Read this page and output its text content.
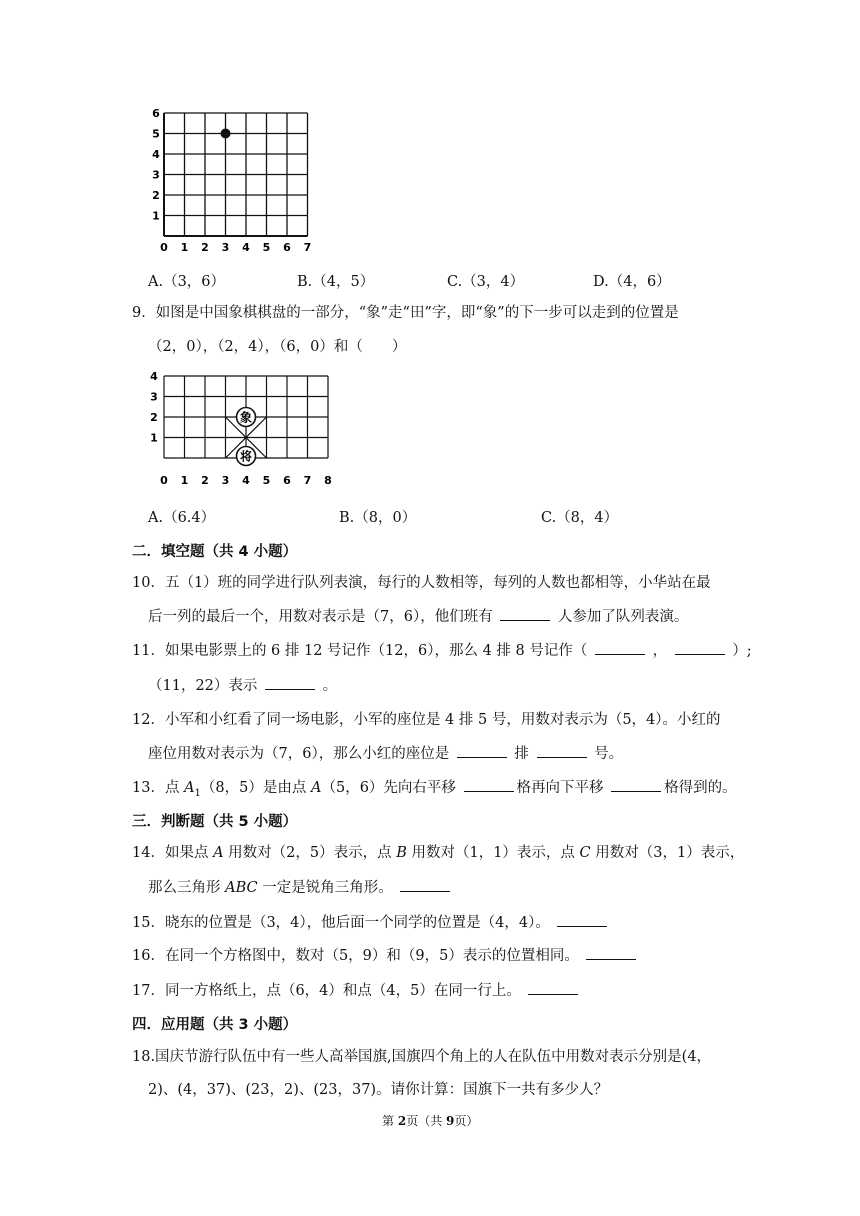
0 1 2 3 4 5 6 7
1
2
3
4
5
6
A.（3，6）	B.（4，5）	C.（3，4）	D.（4，6）
9．如图是中国象棋棋盘的一部分，“象”走“田”字，即“象”的下一步可以走到的位置是
（2，0），（2，4），（6，0）和（　　）
0 1 2 3 4 5 6 7 8
1
2
3
4
象
将
A.（6.4）	B.（8，0）	C.（8，4）
二．填空题（共 4 小题）
10．五（1）班的同学进行队列表演，每行的人数相等，每列的人数也都相等，小华站在最
后一列的最后一个，用数对表示是（7，6），他们班有	人参加了队列表演。
11．如果电影票上的 6 排 12 号记作（12，6），那么 4 排 8 号记作（	，	）;
（11，22）表示	。
12．小军和小红看了同一场电影，小军的座位是 4 排 5 号，用数对表示为（5，4）。小红的
座位用数对表示为（7，6），那么小红的座位是	排	号。
13．点 $A_1(8$，5）是由点 A（5，6）先向右平移	格再向下平移	格得到的。
三．判断题（共 5 小题）
14．如果点 A 用数对（2，5）表示，点 B 用数对（1，1）表示，点 C 用数对（3，1）表示，
那么三角形 ABC 一定是锐角三角形。
15．晓东的位置是（3，4），他后面一个同学的位置是（4，4）。
16．在同一个方格图中，数对（5，9）和（9，5）表示的位置相同。
17．同一方格纸上，点（6，4）和点（4，5）在同一行上。
四．应用题（共 3 小题）
18.国庆节游行队伍中有一些人高举国旗,国旗四个角上的人在队伍中用数对表示分别是(4，
2)、(4，37)、(23，2)、(23，37)。请你计算：国旗下一共有多少人？
第 2页（共 9页）
